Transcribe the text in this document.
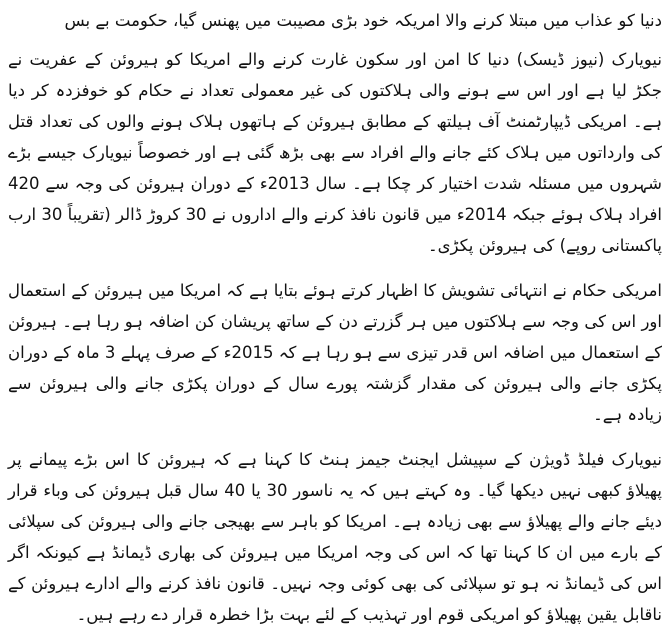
دنیا کو عذاب میں مبتلا کرنے والا امریکہ خود بڑی مصیبت میں پھنس گیا، حکومت بے بس

نیویارک (نیوز ڈیسک) دنیا کا امن اور سکون غارت کرنے والے امریکا کو ہیروئن کے عفریت نے جکڑ لیا ہے اور اس سے ہونے والی ہلاکتوں کی غیر معمولی تعداد نے حکام کو خوفزدہ کر دیا ہے۔ امریکی ڈیپارٹمنٹ آف ہیلتھ کے مطابق ہیروئن کے ہاتھوں ہلاک ہونے والوں کی تعداد قتل کی وارداتوں میں ہلاک کئے جانے والے افراد سے بھی بڑھ گئی ہے اور خصوصاً نیویارک جیسے بڑے شہروں میں مسئلہ شدت اختیار کر چکا ہے۔ سال 2013ء کے دوران ہیروئن کی وجہ سے 420 افراد ہلاک ہوئے جبکہ 2014ء میں قانون نافذ کرنے والے اداروں نے 30 کروڑ ڈالر (تقریباً 30 ارب پاکستانی روپے) کی ہیروئن پکڑی۔

امریکی حکام نے انتہائی تشویش کا اظہار کرتے ہوئے بتایا ہے کہ امریکا میں ہیروئن کے استعمال اور اس کی وجہ سے ہلاکتوں میں ہر گزرتے دن کے ساتھ پریشان کن اضافہ ہو رہا ہے۔ ہیروئن کے استعمال میں اضافہ اس قدر تیزی سے ہو رہا ہے کہ 2015ء کے صرف پہلے 3 ماہ کے دوران پکڑی جانے والی ہیروئن کی مقدار گزشتہ پورے سال کے دوران پکڑی جانے والی ہیروئن سے زیادہ ہے۔

نیویارک فیلڈ ڈویژن کے سپیشل ایجنٹ جیمز ہنٹ کا کہنا ہے کہ ہیروئن کا اس بڑے پیمانے پر پھیلاؤ کبھی نہیں دیکھا گیا۔ وہ کہتے ہیں کہ یہ ناسور 30 یا 40 سال قبل ہیروئن کی وباء قرار دیئے جانے والے پھیلاؤ سے بھی زیادہ ہے۔ امریکا کو باہر سے بھیجی جانے والی ہیروئن کی سپلائی کے بارے میں ان کا کہنا تھا کہ اس کی وجہ امریکا میں ہیروئن کی بھاری ڈیمانڈ ہے کیونکہ اگر اس کی ڈیمانڈ نہ ہو تو سپلائی کی بھی کوئی وجہ نہیں۔ قانون نافذ کرنے والے ادارے ہیروئن کے ناقابل یقین پھیلاؤ کو امریکی قوم اور تہذیب کے لئے بہت بڑا خطرہ قرار دے رہے ہیں۔
